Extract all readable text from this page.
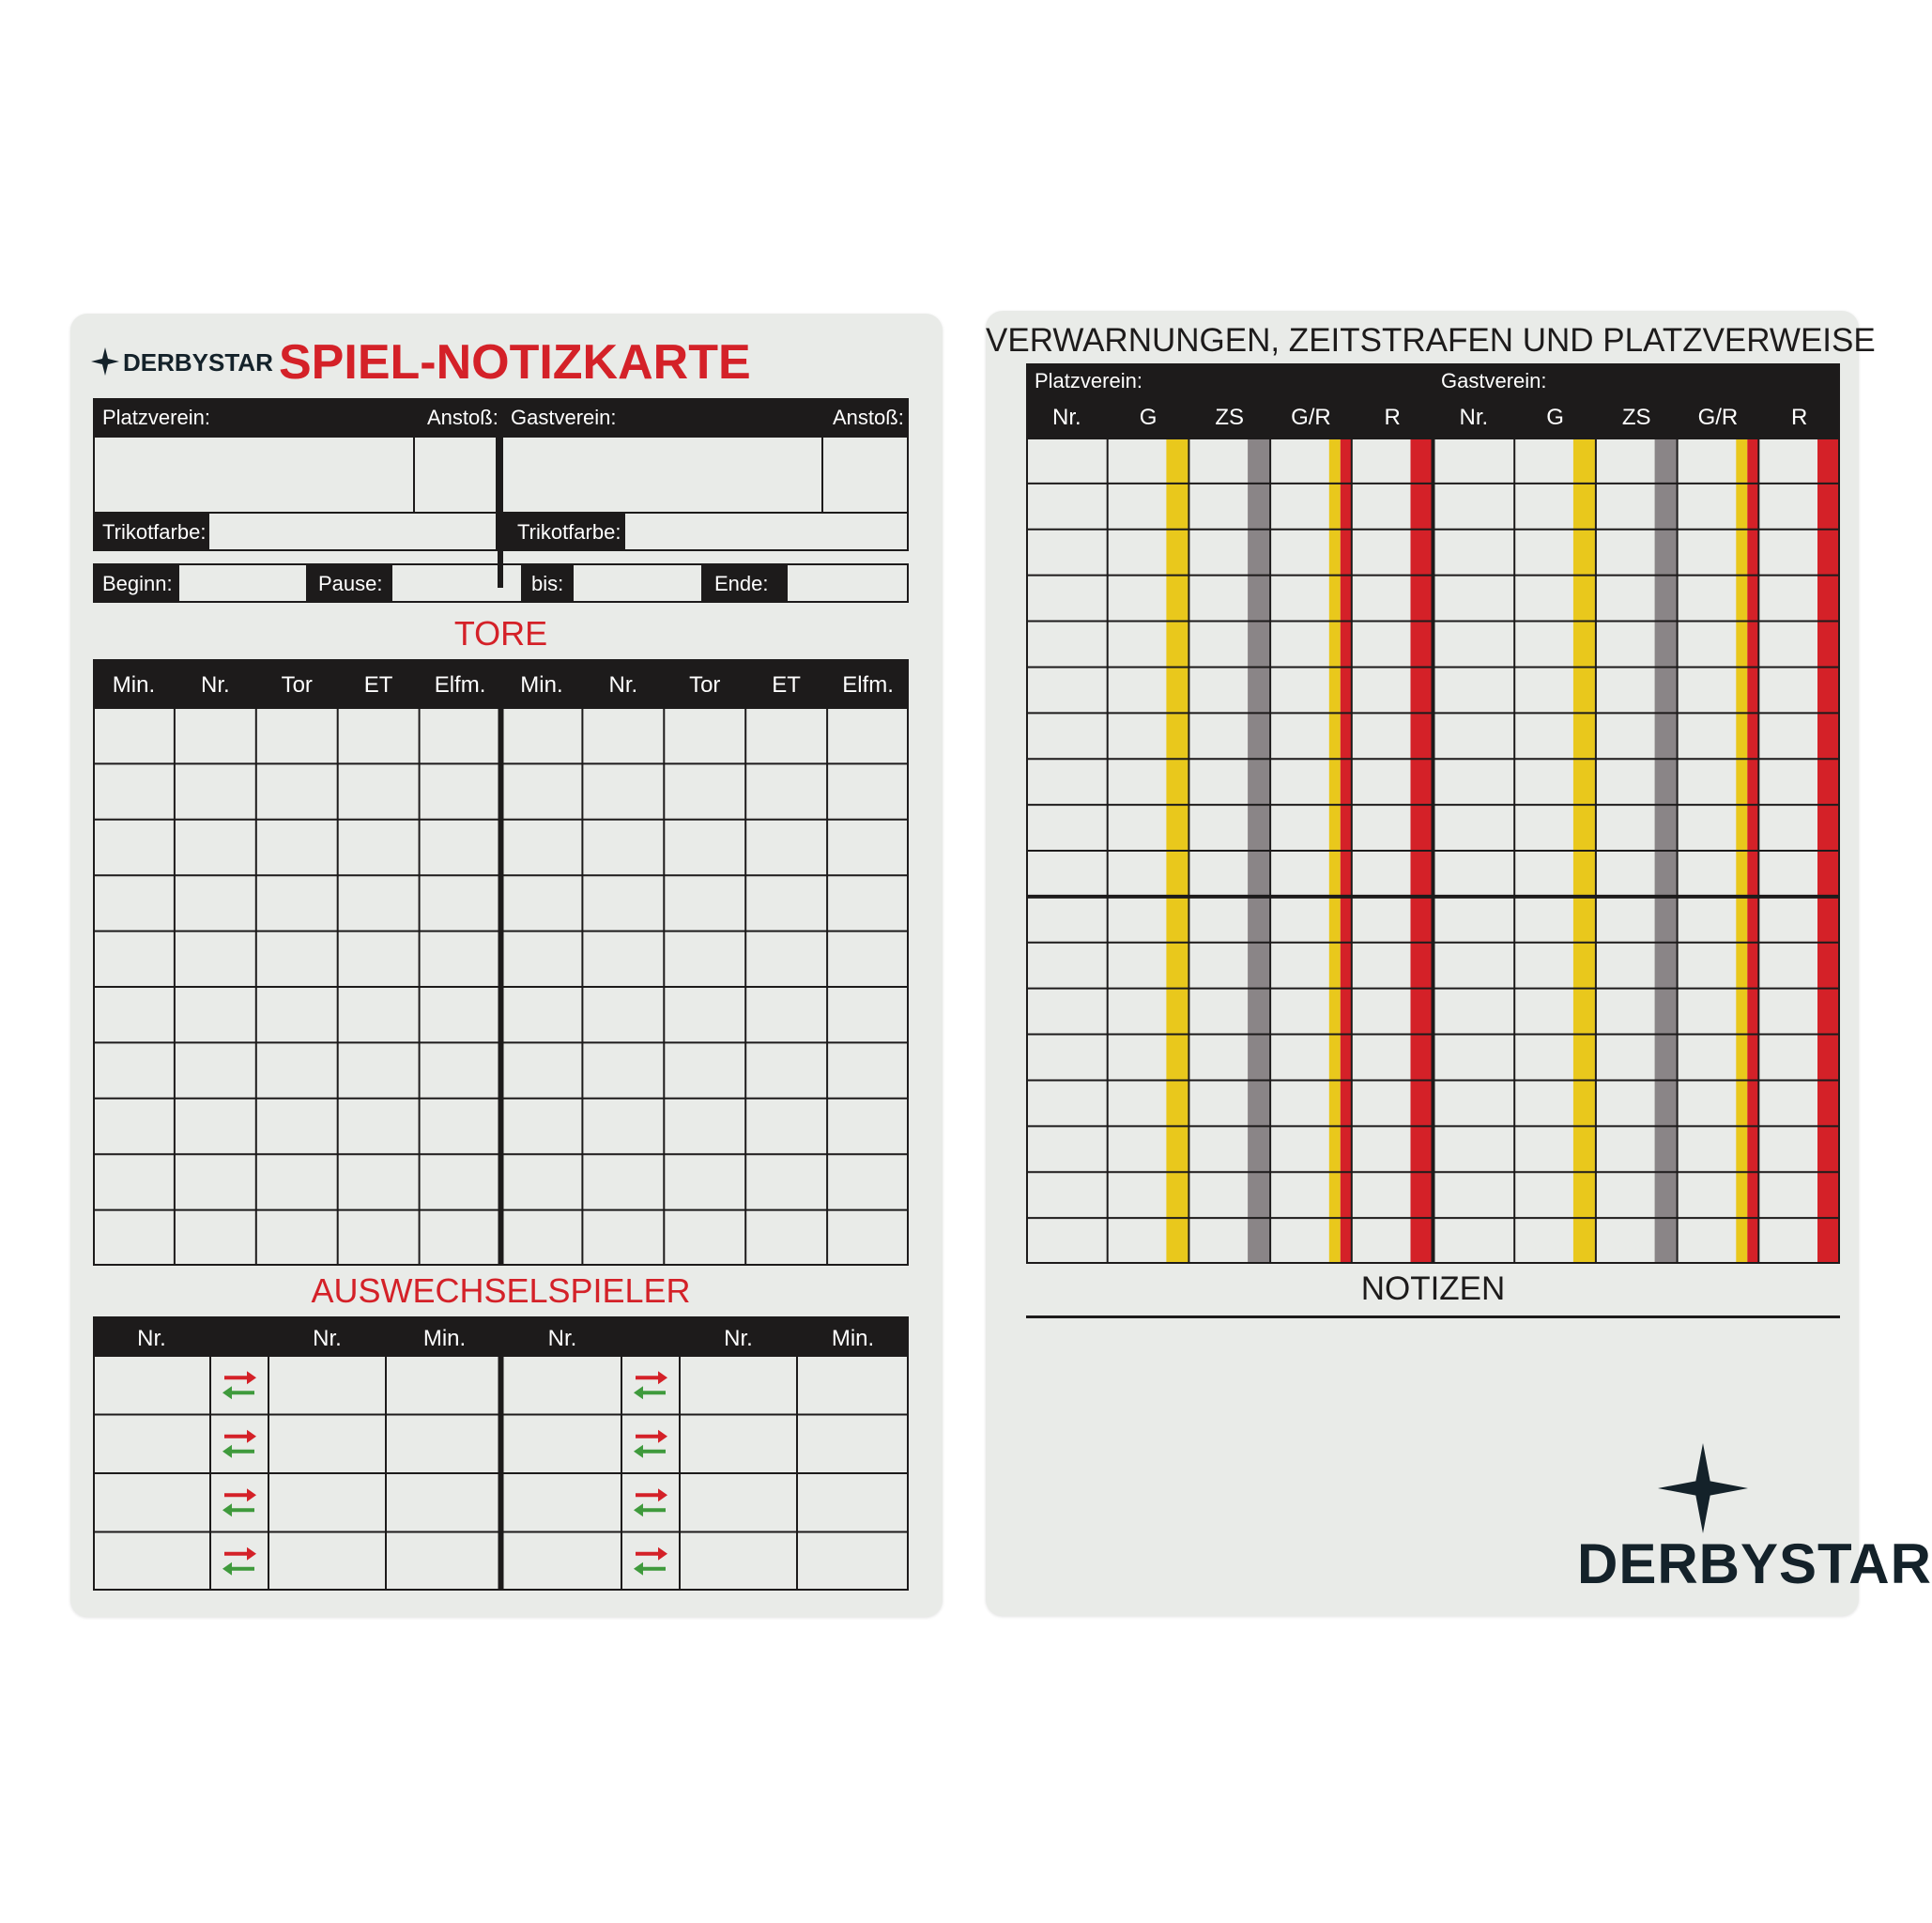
DERBYSTAR SPIEL-NOTIZKARTE
Platzverein:	Anstoß: Gastverein:	Anstoß:
Trikotfarbe:	Trikotfarbe:
Beginn:	Pause:	bis:	Ende:
TORE
AUSWECHSELSPIELER
Min.	Nr.	Tor	ET	Elfm.	Min.	Nr.	Tor	ET	Elfm.
Nr.	Nr.	Min.	Nr.	Nr.	Min.
VERWARNUNGEN, ZEITSTRAFEN UND PLATZVERWEISE
Platzverein:	Gastverein:
NOTIZEN
DERBYSTAR
Nr.	G	ZS	G/R	R	Nr.	G	ZS	G/R	R
